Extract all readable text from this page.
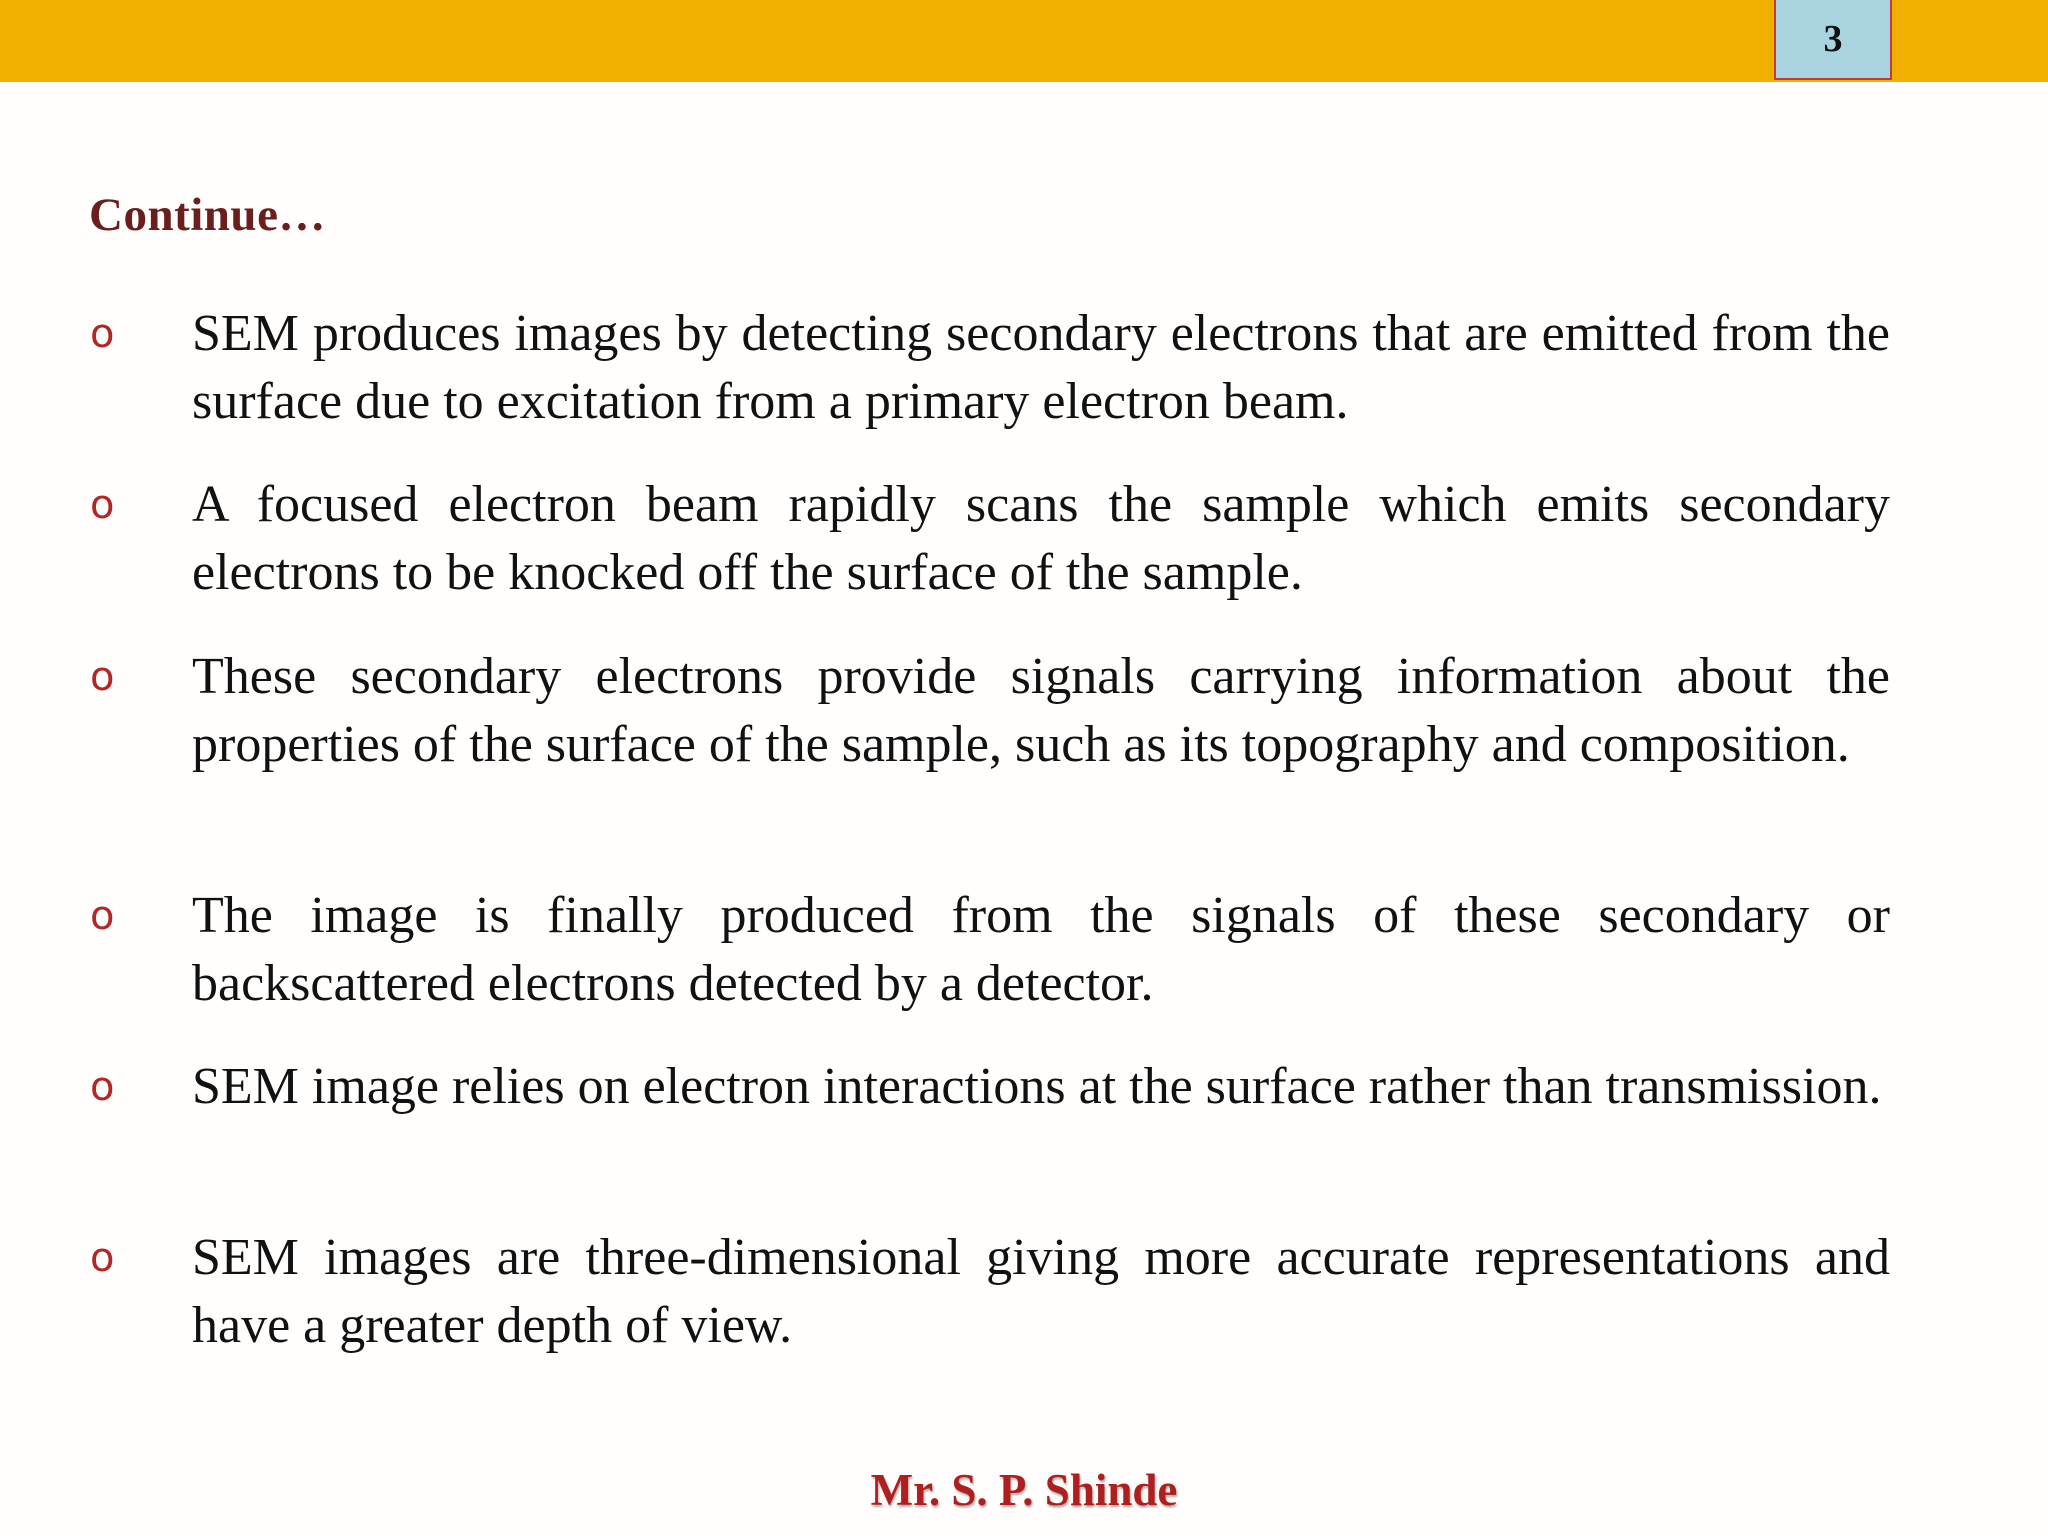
3
Continue…
o SEM produces images by detecting secondary electrons that are emitted from the surface due to excitation from a primary electron beam.
o A focused electron beam rapidly scans the sample which emits secondary electrons to be knocked off the surface of the sample.
o These secondary electrons provide signals carrying information about the properties of the surface of the sample, such as its topography and composition.
o The image is finally produced from the signals of these secondary or backscattered electrons detected by a detector.
o SEM image relies on electron interactions at the surface rather than transmission.
o SEM images are three-dimensional giving more accurate representations and have a greater depth of view.
Mr. S. P. Shinde
